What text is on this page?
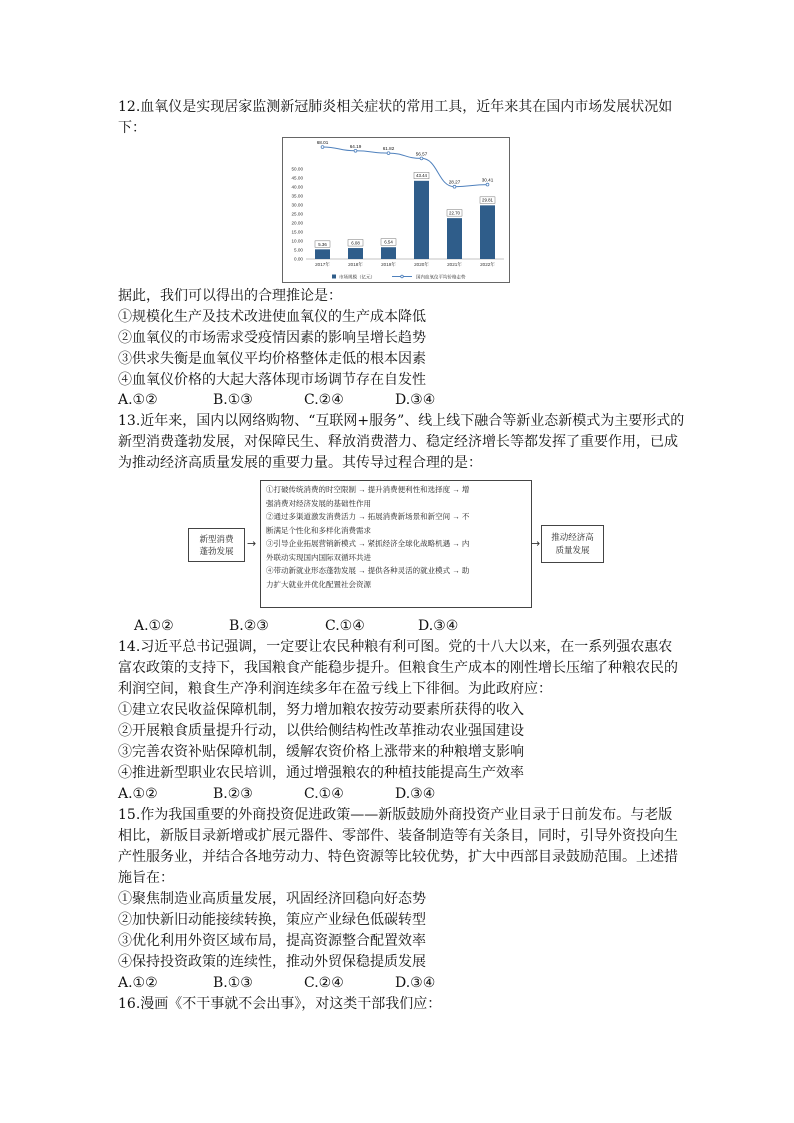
12.血氧仪是实现居家监测新冠肺炎相关症状的常用工具，近年来其在国内市场发展状况如
下：
0.00
5.00
10.00
15.00
20.00
25.00
30.00
35.00
40.00
45.00
50.00
5.36	6.08	6.54
43.44
22.70
29.81
68.01
64.19	61.82
56.57
28.27	30.41
2017年	2018年	2019年	2020年	2021年	2022年
市场规模（亿元）	国内血氧仪平均价格走势
据此，我们可以得出的合理推论是：
①规模化生产及技术改进使血氧仪的生产成本降低
②血氧仪的市场需求受疫情因素的影响呈增长趋势
③供求失衡是血氧仪平均价格整体走低的根本因素
④血氧仪价格的大起大落体现市场调节存在自发性
A.①②	B.①③	C.②④	D.③④
13.近年来，国内以网络购物、“互联网+服务”、线上线下融合等新业态新模式为主要形式的
新型消费蓬勃发展，对保障民生、释放消费潜力、稳定经济增长等都发挥了重要作用，已成
为推动经济高质量发展的重要力量。其传导过程合理的是：
新型消费
蓬勃发展
→
①打破传统消费的时空限制 → 提升消费便利性和选择度 → 增
强消费对经济发展的基础性作用
②通过多渠道激发消费活力 → 拓展消费新场景和新空间 → 不
断满足个性化和多样化消费需求
③引导企业拓展营销新模式 → 紧抓经济全球化战略机遇 → 内
外联动实现国内国际双循环共进
④带动新就业形态蓬勃发展 → 提供各种灵活的就业模式 → 助
力扩大就业并优化配置社会资源
→	推动经济高
质量发展
A.①②	B.②③	C.①④	D.③④
14.习近平总书记强调，一定要让农民种粮有利可图。党的十八大以来，在一系列强农惠农
富农政策的支持下，我国粮食产能稳步提升。但粮食生产成本的刚性增长压缩了种粮农民的
利润空间，粮食生产净利润连续多年在盈亏线上下徘徊。为此政府应：
①建立农民收益保障机制，努力增加粮农按劳动要素所获得的收入
②开展粮食质量提升行动，以供给侧结构性改革推动农业强国建设
③完善农资补贴保障机制，缓解农资价格上涨带来的种粮增支影响
④推进新型职业农民培训，通过增强粮农的种植技能提高生产效率
A.①②	B.②③	C.①④	D.③④
15.作为我国重要的外商投资促进政策——新版鼓励外商投资产业目录于日前发布。与老版
相比，新版目录新增或扩展元器件、零部件、装备制造等有关条目，同时，引导外资投向生
产性服务业，并结合各地劳动力、特色资源等比较优势，扩大中西部目录鼓励范围。上述措
施旨在：
①聚焦制造业高质量发展，巩固经济回稳向好态势
②加快新旧动能接续转换，策应产业绿色低碳转型
③优化利用外资区域布局，提高资源整合配置效率
④保持投资政策的连续性，推动外贸保稳提质发展
A.①②	B.①③	C.②④	D.③④
16.漫画《不干事就不会出事》，对这类干部我们应：
